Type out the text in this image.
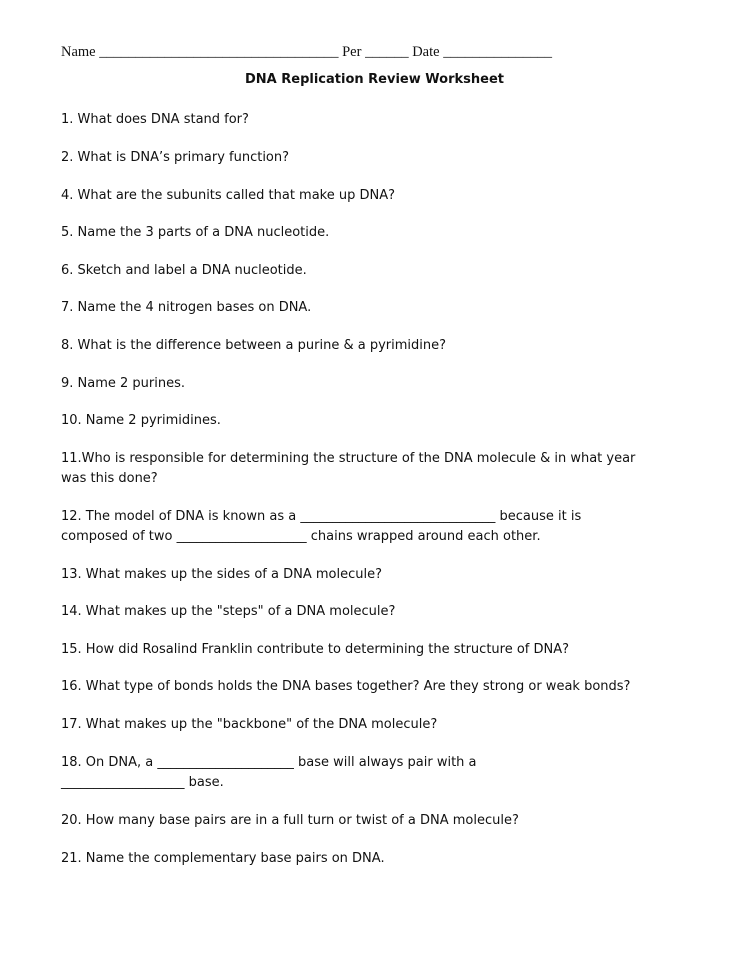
Name _________________________________ Per ______ Date _______________
DNA Replication Review Worksheet
1. What does DNA stand for?
2. What is DNA’s primary function?
4. What are the subunits called that make up DNA?
5. Name the 3 parts of a DNA nucleotide.
6. Sketch and label a DNA nucleotide.
7. Name the 4 nitrogen bases on DNA.
8. What is the difference between a purine & a pyrimidine?
9. Name 2 purines.
10. Name 2 pyrimidines.
11.Who is responsible for determining the structure of the DNA molecule & in what year
was this done?
12. The model of DNA is known as a ______________________________ because it is
composed of two ____________________ chains wrapped around each other.
13. What makes up the sides of a DNA molecule?
14. What makes up the "steps" of a DNA molecule?
15. How did Rosalind Franklin contribute to determining the structure of DNA?
16. What type of bonds holds the DNA bases together? Are they strong or weak bonds?
17. What makes up the "backbone" of the DNA molecule?
18. On DNA, a _____________________ base will always pair with a
___________________ base.
20. How many base pairs are in a full turn or twist of a DNA molecule?
21. Name the complementary base pairs on DNA.
